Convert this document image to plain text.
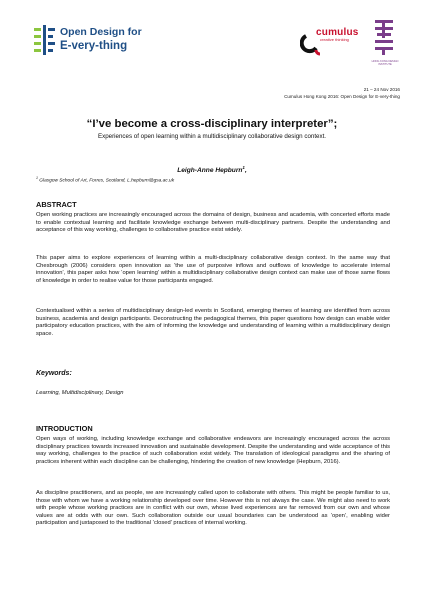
Open Design for
E-very-thing
cumulus
creative thinking
HONG KONG DESIGN INSTITUTE
21 – 24 Nov 2016
Cumulus Hong Kong 2016: Open Design for E-very-thing
“I’ve become a cross-disciplinary interpreter”;
Experiences of open learning within a multidisciplinary collaborative design context.
Leigh-Anne Hepburn$^1$,
$^1$ Glasgow School of Art, Forres, Scotland, L.hepburn@gsa.ac.uk
ABSTRACT

Open working practices are increasingly encouraged across the domains of design, business and academia, with concerted efforts made to enable contextual learning and facilitate knowledge exchange between multi-disciplinary partners. Despite the understanding and acceptance of this way working, challenges to collaborative practice exist widely.

This paper aims to explore experiences of learning within a multi-disciplinary collaborative design context. In the same way that Chesbrough (2006) considers open innovation as ‘the use of purposive inflows and outflows of knowledge to accelerate internal innovation’, this paper asks how ‘open learning’ within a multidisciplinary collaborative design context can make use of those same flows of knowledge in order to realise value for those participants engaged.

Contextualised within a series of multidisciplinary design-led events in Scotland, emerging themes of learning are identified from across business, academia and design participants. Deconstructing the pedagogical themes, this paper questions how design can enable wider participatory education practices, with the aim of informing the knowledge and understanding of learning within a multidisciplinary design space.

Keywords:
Learning, Multidisciplinary, Design
INTRODUCTION

Open ways of working, including knowledge exchange and collaborative endeavors are increasingly encouraged across the across disciplinary practices towards increased innovation and sustainable development. Despite the understanding and wide acceptance of this way working, challenges to the practice of such collaboration exist widely. The translation of ideological paradigms and the sharing of practices inherent within each discipline can be challenging, hindering the creation of new knowledge (Hepburn, 2016).

As discipline practitioners, and as people, we are increasingly called upon to collaborate with others. This might be people familiar to us, those with whom we have a working relationship developed over time. However this is not always the case. We might also need to work with people whose working practices are in conflict with our own, whose lived experiences are far removed from our own and whose values are at odds with our own. Such collaboration outside our usual boundaries can be understood as ‘open’, enabling wider participation and juxtaposed to the traditional ‘closed’ practices of internal working.
